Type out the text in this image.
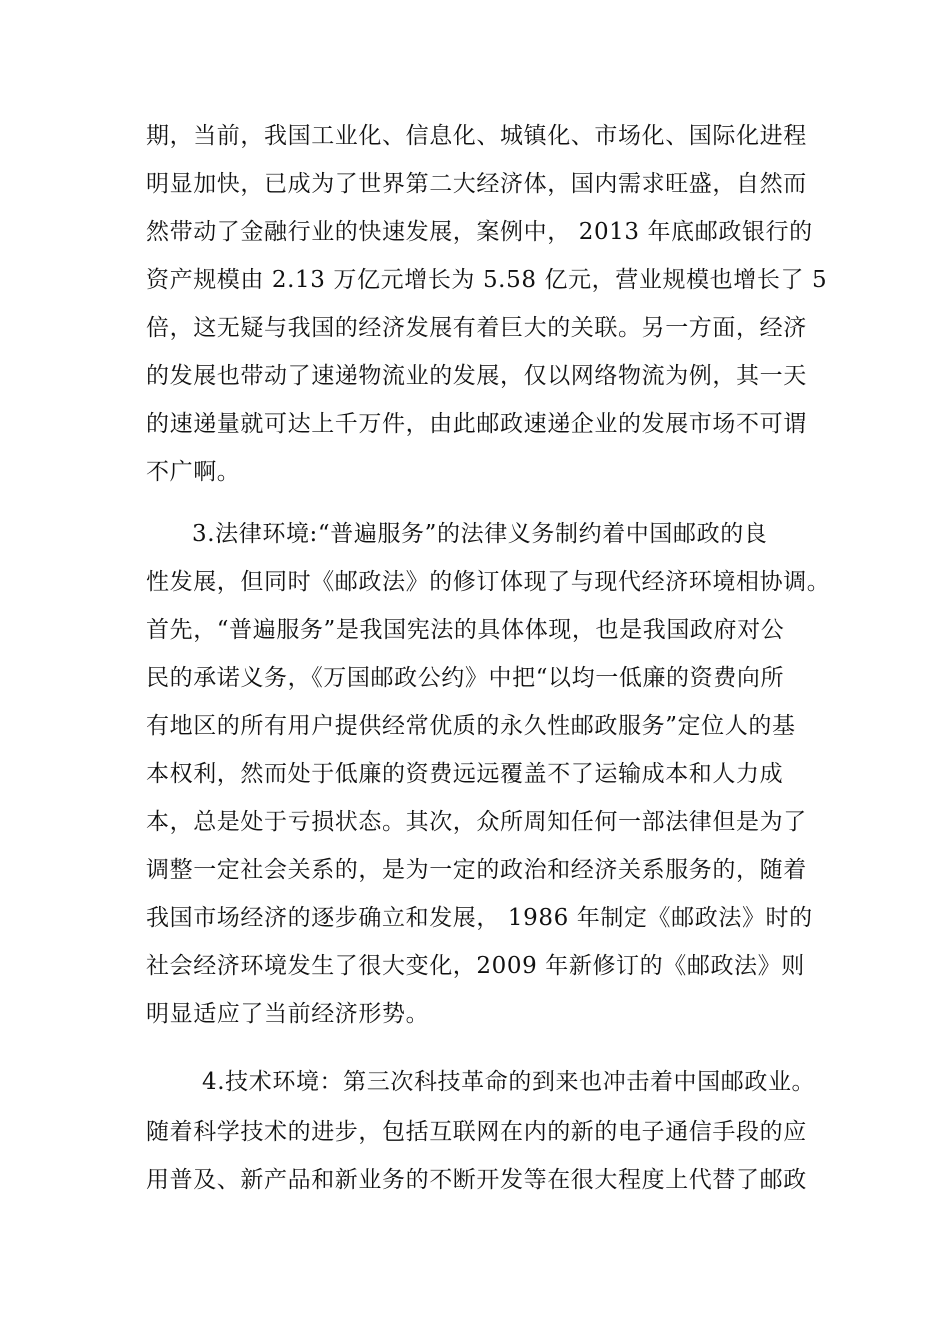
期，当前，我国工业化、信息化、城镇化、市场化、国际化进程
明显加快，已成为了世界第二大经济体，国内需求旺盛，自然而
然带动了金融行业的快速发展，案例中， 2013 年底邮政银行的
资产规模由 2.13 万亿元增长为 5.58 亿元，营业规模也增长了 5
倍，这无疑与我国的经济发展有着巨大的关联。另一方面，经济
的发展也带动了速递物流业的发展，仅以网络物流为例，其一天
的速递量就可达上千万件，由此邮政速递企业的发展市场不可谓
不广啊。
3.法律环境:“普遍服务”的法律义务制约着中国邮政的良
性发展，但同时《邮政法》的修订体现了与现代经济环境相协调。
首先，“普遍服务”是我国宪法的具体体现，也是我国政府对公
民的承诺义务，《万国邮政公约》中把“以均一低廉的资费向所
有地区的所有用户提供经常优质的永久性邮政服务”定位人的基
本权利，然而处于低廉的资费远远覆盖不了运输成本和人力成
本，总是处于亏损状态。其次，众所周知任何一部法律但是为了
调整一定社会关系的，是为一定的政治和经济关系服务的，随着
我国市场经济的逐步确立和发展， 1986 年制定《邮政法》时的
社会经济环境发生了很大变化，2009 年新修订的《邮政法》则
明显适应了当前经济形势。
4.技术环境：第三次科技革命的到来也冲击着中国邮政业。
随着科学技术的进步，包括互联网在内的新的电子通信手段的应
用普及、新产品和新业务的不断开发等在很大程度上代替了邮政
